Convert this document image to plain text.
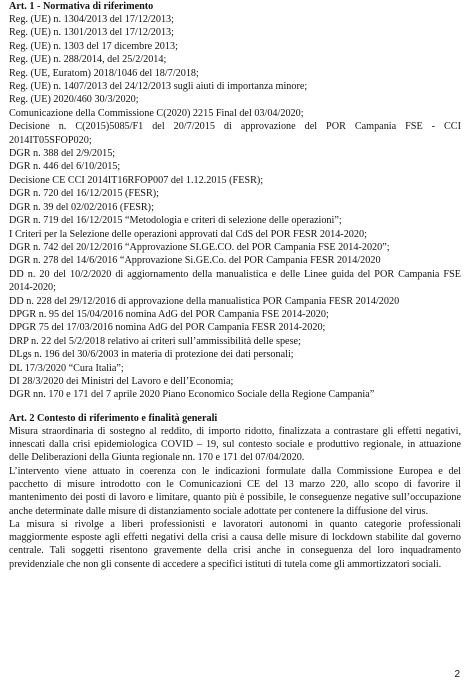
Art. 1 - Normativa di riferimento
Reg. (UE) n. 1304/2013 del 17/12/2013;
Reg. (UE) n. 1301/2013 del 17/12/2013;
Reg. (UE) n. 1303 del 17 dicembre 2013;
Reg. (UE) n. 288/2014, del 25/2/2014;
Reg. (UE, Euratom) 2018/1046 del 18/7/2018;
Reg. (UE) n. 1407/2013 del 24/12/2013 sugli aiuti di importanza minore;
Reg. (UE) 2020/460 30/3/2020;
Comunicazione della Commissione C(2020) 2215 Final del 03/04/2020;
Decisione n. C(2015)5085/F1 del 20/7/2015 di approvazione del POR Campania FSE - CCI 2014IT05SFOP020;
DGR n. 388 del 2/9/2015;
DGR n. 446 del 6/10/2015;
Decisione CE CCI 2014IT16RFOP007 del 1.12.2015 (FESR);
DGR n. 720 del 16/12/2015 (FESR);
DGR n. 39 del 02/02/2016 (FESR);
DGR n. 719 del 16/12/2015 “Metodologia e criteri di selezione delle operazioni”;
I Criteri per la Selezione delle operazioni approvati dal CdS del POR FESR 2014-2020;
DGR n. 742 del 20/12/2016 “Approvazione SI.GE.CO. del POR Campania FSE 2014-2020”;
DGR n. 278 del 14/6/2016 “Approvazione Si.GE.Co. del POR Campania FESR 2014/2020
DD n. 20 del 10/2/2020 di aggiornamento della manualistica e delle Linee guida del POR Campania FSE 2014-2020;
DD n. 228 del 29/12/2016 di approvazione della manualistica POR Campania FESR 2014/2020
DPGR n. 95 del 15/04/2016 nomina AdG del POR Campania FSE 2014-2020;
DPGR 75 del 17/03/2016 nomina AdG del POR Campania FESR 2014-2020;
DRP n. 22 del 5/2/2018 relativo ai criteri sull’ammissibilità delle spese;
DLgs n. 196 del 30/6/2003 in materia di protezione dei dati personali;
DL 17/3/2020 “Cura Italia”;
DI 28/3/2020 dei Ministri del Lavoro e dell’Economia;
DGR nn. 170 e 171 del 7 aprile 2020 Piano Economico Sociale della Regione Campania”
Art. 2 Contesto di riferimento e finalità generali

Misura straordinaria di sostegno al reddito, di importo ridotto, finalizzata a contrastare gli effetti negativi, innescati dalla crisi epidemiologica COVID – 19, sul contesto sociale e produttivo regionale, in attuazione delle Deliberazioni della Giunta regionale nn. 170 e 171 del 07/04/2020.

L’intervento viene attuato in coerenza con le indicazioni formulate dalla Commissione Europea e del pacchetto di misure introdotto con le Comunicazioni CE del 13 marzo 220, allo scopo di favorire il mantenimento dei posti di lavoro e limitare, quanto più è possibile, le conseguenze negative sull’occupazione anche determinate dalle misure di distanziamento sociale adottate per contenere la diffusione del virus.

La misura si rivolge a liberi professionisti e lavoratori autonomi in quanto categorie professionali maggiormente esposte agli effetti negativi della crisi a causa delle misure di lockdown stabilite dal governo centrale. Tali soggetti risentono gravemente della crisi anche in conseguenza del loro inquadramento previdenziale che non gli consente di accedere a specifici istituti di tutela come gli ammortizzatori sociali.

2
